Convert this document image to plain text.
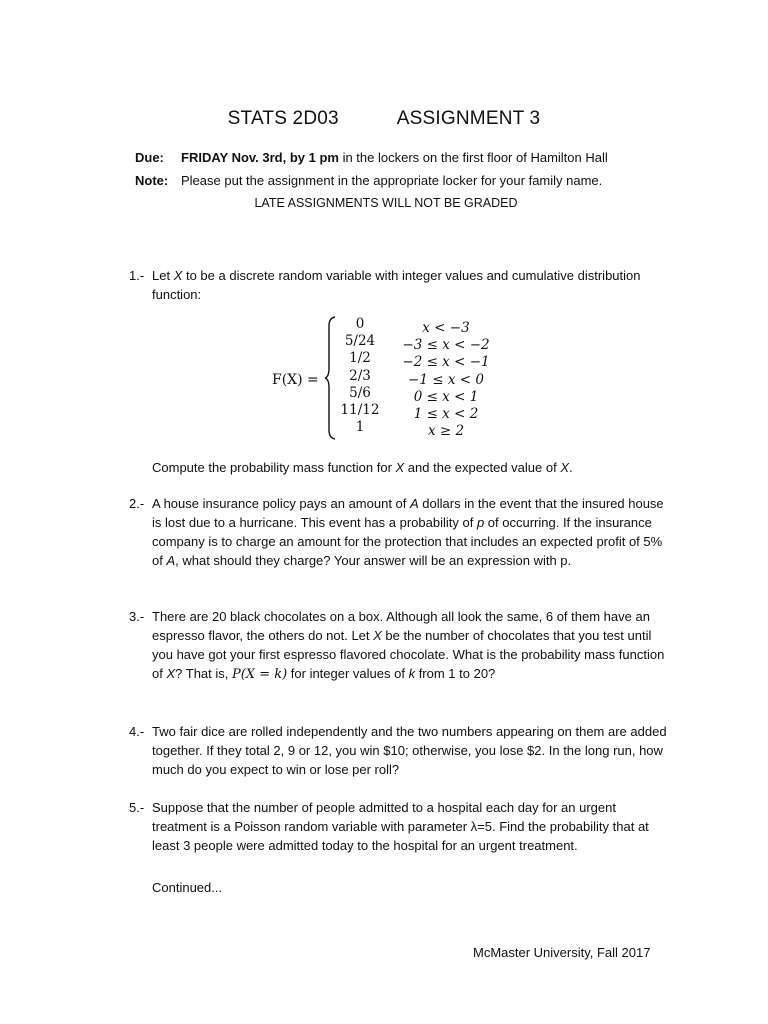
STATS 2D03	ASSIGNMENT 3
Due: FRIDAY Nov. 3rd, by 1 pm in the lockers on the first floor of Hamilton Hall
Note: Please put the assignment in the appropriate locker for your family name.
LATE ASSIGNMENTS WILL NOT BE GRADED
1.- Let X to be a discrete random variable with integer values and cumulative distribution function:
F(X) =
0
5/24
1/2
2/3
5/6
11/12
1
x < −3
−3 ≤ x < −2
−2 ≤ x < −1
−1 ≤ x < 0
0 ≤ x < 1
1 ≤ x < 2
x ≥ 2
Compute the probability mass function for X and the expected value of X.
2.- A house insurance policy pays an amount of A dollars in the event that the insured house is lost due to a hurricane. This event has a probability of p of occurring. If the insurance company is to charge an amount for the protection that includes an expected profit of 5% of A, what should they charge? Your answer will be an expression with p.
3.- There are 20 black chocolates on a box. Although all look the same, 6 of them have an espresso flavor, the others do not. Let X be the number of chocolates that you test until you have got your first espresso flavored chocolate. What is the probability mass function of X? That is, P(X = k) for integer values of k from 1 to 20?
4.- Two fair dice are rolled independently and the two numbers appearing on them are added together. If they total 2, 9 or 12, you win $10; otherwise, you lose $2. In the long run, how much do you expect to win or lose per roll?
5.- Suppose that the number of people admitted to a hospital each day for an urgent treatment is a Poisson random variable with parameter λ=5. Find the probability that at least 3 people were admitted today to the hospital for an urgent treatment.
Continued...
McMaster University, Fall 2017
